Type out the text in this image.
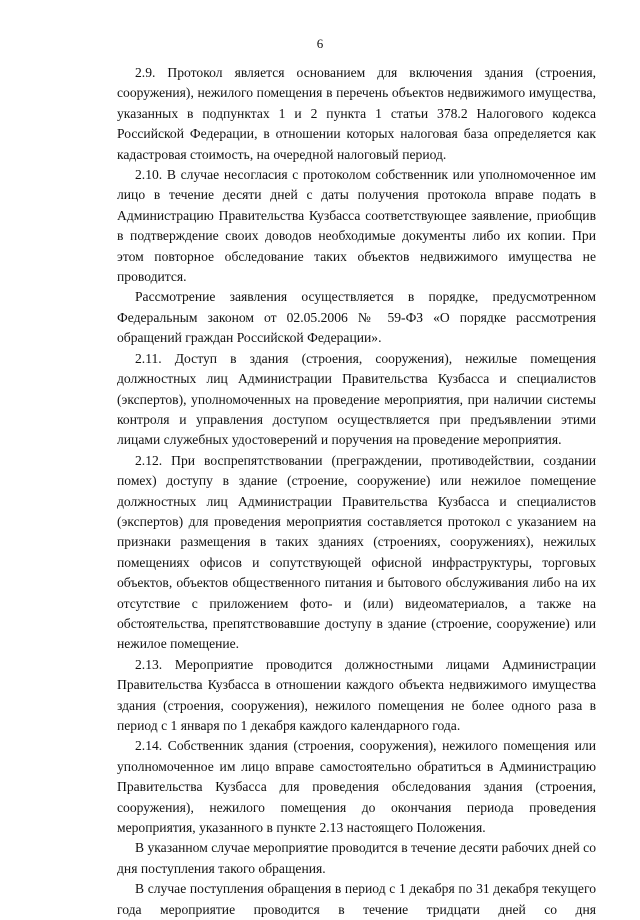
6

2.9. Протокол является основанием для включения здания (строения, сооружения), нежилого помещения в перечень объектов недвижимого имущества, указанных в подпунктах 1 и 2 пункта 1 статьи 378.2 Налогового кодекса Российской Федерации, в отношении которых налоговая база определяется как кадастровая стоимость, на очередной налоговый период.

2.10. В случае несогласия с протоколом собственник или уполномоченное им лицо в течение десяти дней с даты получения протокола вправе подать в Администрацию Правительства Кузбасса соответствующее заявление, приобщив в подтверждение своих доводов необходимые документы либо их копии. При этом повторное обследование таких объектов недвижимого имущества не проводится.

Рассмотрение заявления осуществляется в порядке, предусмотренном Федеральным законом от 02.05.2006 № 59-ФЗ «О порядке рассмотрения обращений граждан Российской Федерации».

2.11. Доступ в здания (строения, сооружения), нежилые помещения должностных лиц Администрации Правительства Кузбасса и специалистов (экспертов), уполномоченных на проведение мероприятия, при наличии системы контроля и управления доступом осуществляется при предъявлении этими лицами служебных удостоверений и поручения на проведение мероприятия.

2.12. При воспрепятствовании (преграждении, противодействии, создании помех) доступу в здание (строение, сооружение) или нежилое помещение должностных лиц Администрации Правительства Кузбасса и специалистов (экспертов) для проведения мероприятия составляется протокол с указанием на признаки размещения в таких зданиях (строениях, сооружениях), нежилых помещениях офисов и сопутствующей офисной инфраструктуры, торговых объектов, объектов общественного питания и бытового обслуживания либо на их отсутствие с приложением фото- и (или) видеоматериалов, а также на обстоятельства, препятствовавшие доступу в здание (строение, сооружение) или нежилое помещение.

2.13. Мероприятие проводится должностными лицами Администрации Правительства Кузбасса в отношении каждого объекта недвижимого имущества здания (строения, сооружения), нежилого помещения не более одного раза в период с 1 января по 1 декабря каждого календарного года.

2.14. Собственник здания (строения, сооружения), нежилого помещения или уполномоченное им лицо вправе самостоятельно обратиться в Администрацию Правительства Кузбасса для проведения обследования здания (строения, сооружения), нежилого помещения до окончания периода проведения мероприятия, указанного в пункте 2.13 настоящего Положения.

В указанном случае мероприятие проводится в течение десяти рабочих дней со дня поступления такого обращения.

В случае поступления обращения в период с 1 декабря по 31 декабря текущего года мероприятие проводится в течение тридцати дней со дня
